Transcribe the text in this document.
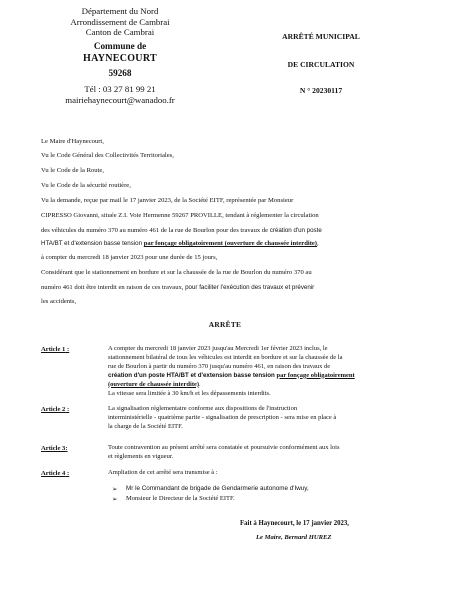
Département du Nord
Arrondissement de Cambrai
Canton de Cambrai
Commune de
HAYNECOURT
59268
Tél : 03 27 81 99 21
mairiehaynecourt@wanadoo.fr
ARRÊTÉ MUNICIPAL
DE CIRCULATION
N ° 20230117
Le Maire d'Haynecourt,
Vu le Code Général des Collectivités Territoriales,
Vu le Code de la Route,
Vu le Code de la sécurité routière,
Vu la demande, reçue par mail le 17 janvier 2023, de la Société EITF, représentée par Monsieur
CIPRESSO Giovanni, située Z.I. Voie Hermenne 59267 PROVILLE, tendant à réglementer la circulation
des véhicules du numéro 370 au numéro 461 de la rue de Bourlon pour des travaux de création d'un poste
HTA/BT et d'extension basse tension par fonçage obligatoirement (ouverture de chaussée interdite),
à compter du mercredi 18 janvier 2023 pour une durée de 15 jours,
Considérant que le stationnement en bordure et sur la chaussée de la rue de Bourlon du numéro 370 au
numéro 461 doit être interdit en raison de ces travaux, pour faciliter l'exécution des travaux et prévenir
les accidents,
ARRÊTE
Article 1 :	A compter du mercredi 18 janvier 2023 jusqu'au Mercredi 1er février 2023 inclus, le
stationnement bilatéral de tous les véhicules est interdit en bordure et sur la chaussée de la
rue de Bourlon à partir du numéro 370 jusqu'au numéro 461, en raison des travaux de
création d'un poste HTA/BT et d'extension basse tension par fonçage obligatoirement
(ouverture de chaussée interdite).
La vitesse sera limitée à 30 km/h et les dépassements interdits.
Article 2 :	La signalisation réglementaire conforme aux dispositions de l'instruction
interministérielle - quatrième partie - signalisation de prescription - sera mise en place à
la charge de la Société EITF.
Article 3:	Toute contravention au présent arrêté sera constatée et poursuivie conformément aux lois
et règlements en vigueur.
Article 4 :	Ampliation de cet arrêté sera transmise à :
➢ Mr le Commandant de brigade de Gendarmerie autonome d'Iwuy,
➢ Monsieur le Directeur de la Société EITF.
Fait à Haynecourt, le 17 janvier 2023,
Le Maire, Bernard HUREZ
